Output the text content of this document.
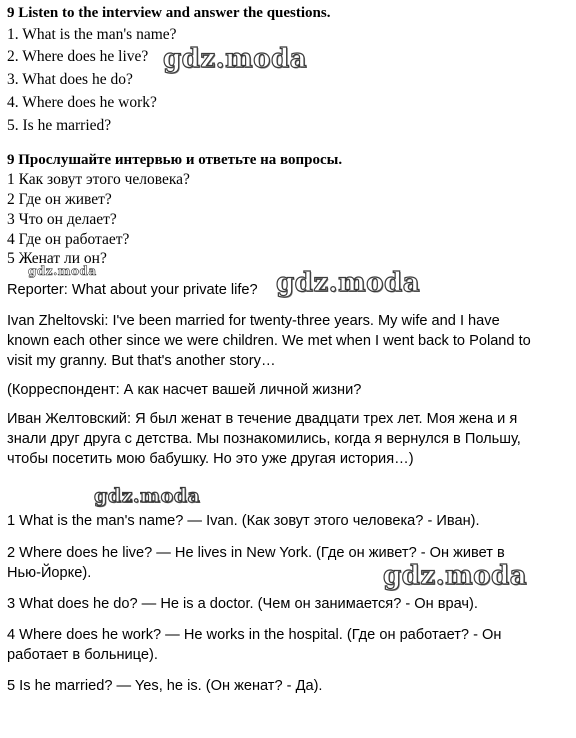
9 Listen to the interview and answer the questions.
1. What is the man's name?
2. Where does he live?
3. What does he do?
4. Where does he work?
5. Is he married?
9 Прослушайте интервью и ответьте на вопросы.
1 Как зовут этого человека?
2 Где он живет?
3 Что он делает?
4 Где он работает?
5 Женат ли он?
Reporter: What about your private life?
Ivan Zheltovski: I've been married for twenty-three years. My wife and I have
known each other since we were children. We met when I went back to Poland to
visit my granny. But that's another story…
(Корреспондент: А как насчет вашей личной жизни?
Иван Желтовский: Я был женат в течение двадцати трех лет. Моя жена и я
знали друг друга с детства. Мы познакомились, когда я вернулся в Польшу,
чтобы посетить мою бабушку. Но это уже другая история…)
1 What is the man's name? — Ivan. (Как зовут этого человека? - Иван).
2 Where does he live? — He lives in New York. (Где он живет? - Он живет в
Нью-Йорке).
3 What does he do? — He is a doctor. (Чем он занимается? - Он врач).
4 Where does he work? — He works in the hospital. (Где он работает? - Он
работает в больнице).
5 Is he married? — Yes, he is. (Он женат? - Да).
gdz.moda
gdz.moda	gdz.moda
gdz.moda
gdz.moda
